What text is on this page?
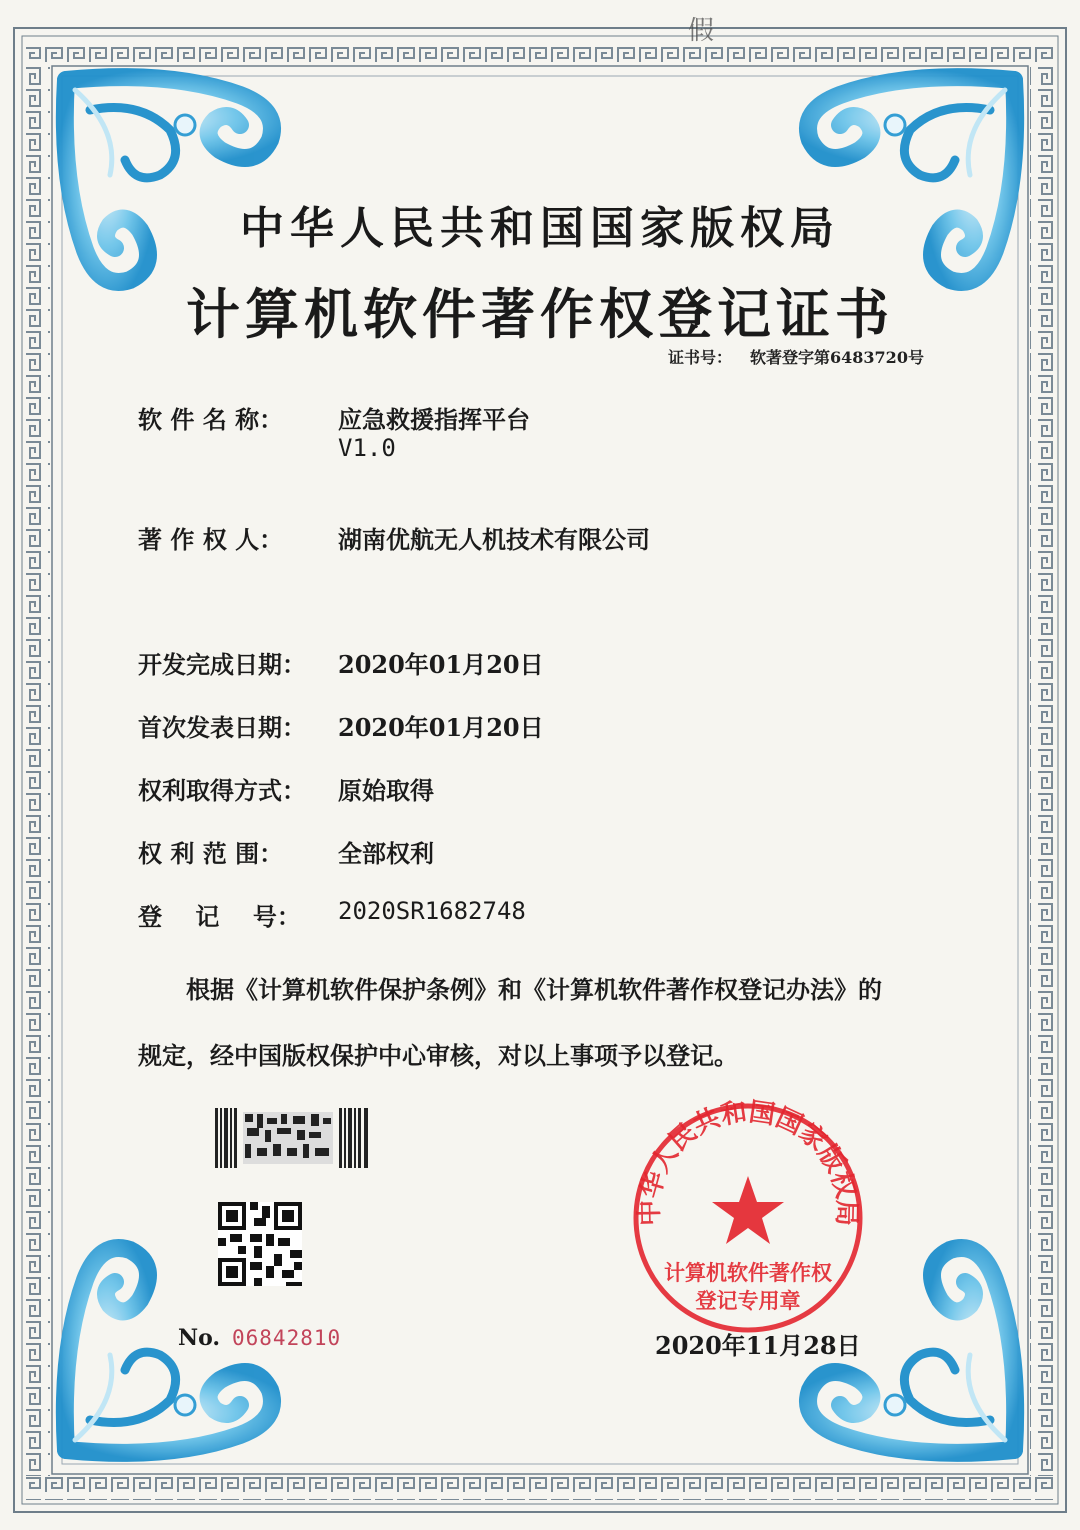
假
中华人民共和国国家版权局
计算机软件著作权登记证书
证书号： 软著登字第6483720号
软 件 名 称： 应急救援指挥平台
V1.0
著 作 权 人： 湖南优航无人机技术有限公司
开发完成日期： 2020年01月20日
首次发表日期： 2020年01月20日
权利取得方式： 原始取得
权 利 范 围： 全部权利
登    记    号： 2020SR1682748
根据《计算机软件保护条例》和《计算机软件著作权登记办法》的
规定，经中国版权保护中心审核，对以上事项予以登记。
No. 06842810
中华人民共和国国家版权局
计算机软件著作权
登记专用章
2020年11月28日
